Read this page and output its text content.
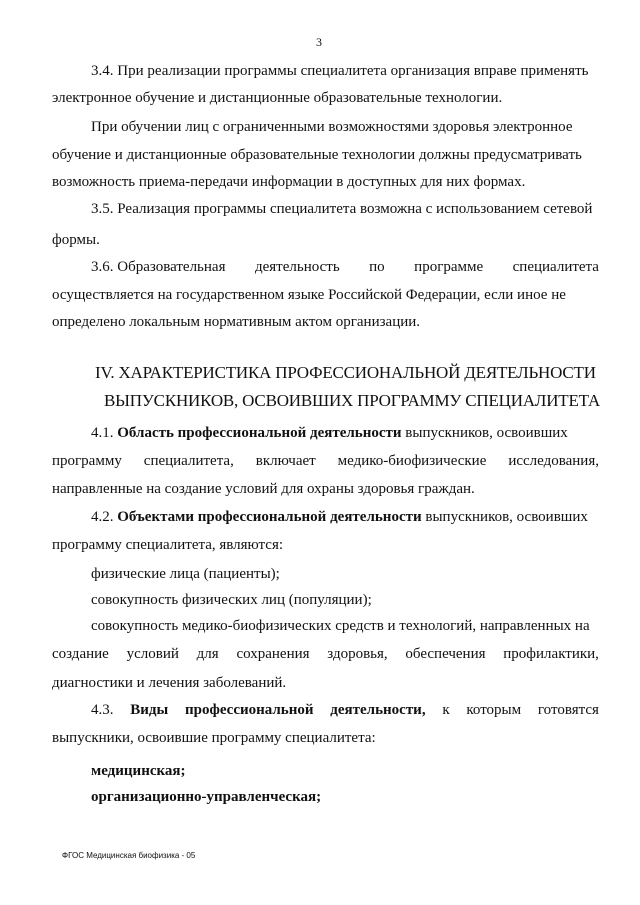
3
3.4. При реализации программы специалитета организация вправе применять
электронное обучение и дистанционные образовательные технологии.
При обучении лиц с ограниченными возможностями здоровья электронное
обучение и дистанционные образовательные технологии должны предусматривать
возможность приема-передачи информации в доступных для них формах.
3.5. Реализация программы специалитета возможна с использованием сетевой
формы.
3.6. Образовательная деятельность по программе специалитета
осуществляется на государственном языке Российской Федерации, если иное не
определено локальным нормативным актом организации.
IV. ХАРАКТЕРИСТИКА ПРОФЕССИОНАЛЬНОЙ ДЕЯТЕЛЬНОСТИ
ВЫПУСКНИКОВ, ОСВОИВШИХ ПРОГРАММУ СПЕЦИАЛИТЕТА
4.1. Область профессиональной деятельности выпускников, освоивших
программу специалитета, включает медико-биофизические исследования,
направленные на создание условий для охраны здоровья граждан.
4.2. Объектами профессиональной деятельности выпускников, освоивших
программу специалитета, являются:
физические лица (пациенты);
совокупность физических лиц (популяции);
совокупность медико-биофизических средств и технологий, направленных на
создание условий для сохранения здоровья, обеспечения профилактики,
диагностики и лечения заболеваний.
4.3. Виды профессиональной деятельности, к которым готовятся
выпускники, освоившие программу специалитета:
медицинская;
организационно-управленческая;
ФГОС Медицинская биофизика - 05
